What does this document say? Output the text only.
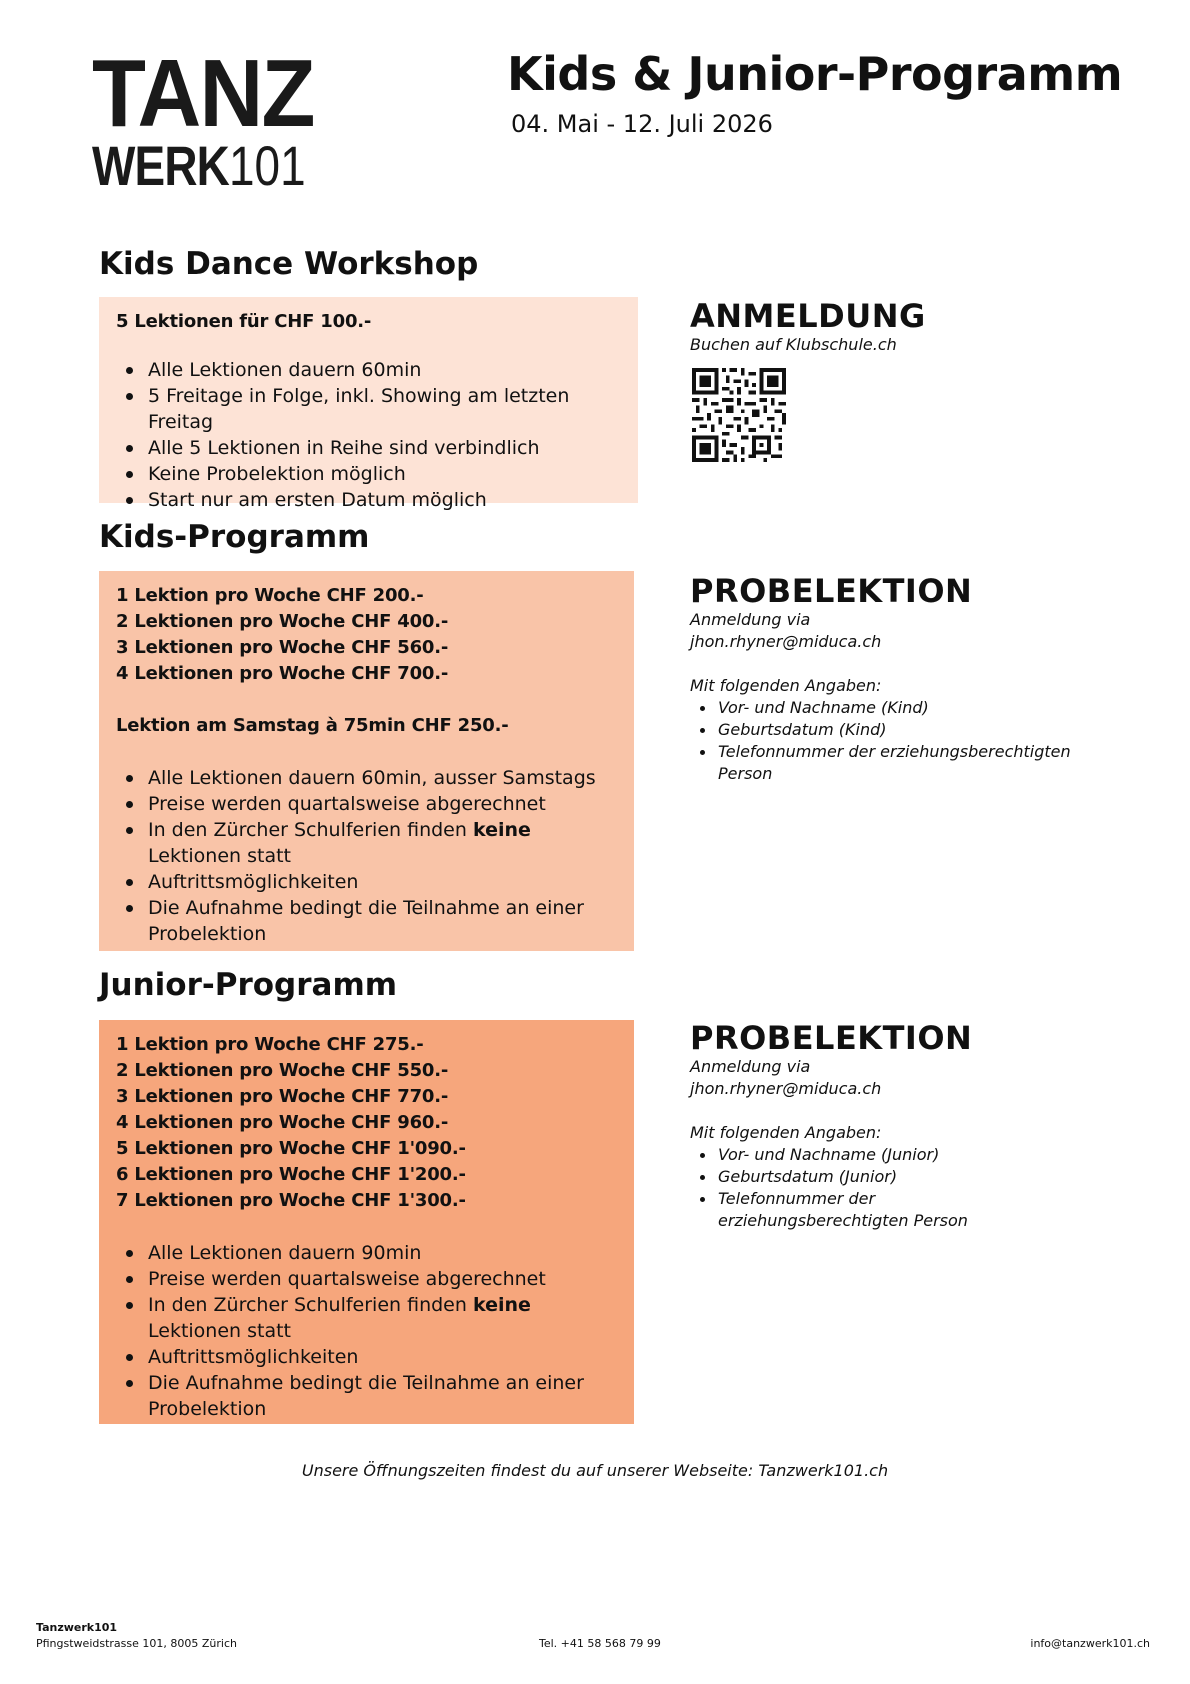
TANZ
WERK101
Kids & Junior-Programm
04. Mai - 12. Juli 2026
Kids Dance Workshop
5 Lektionen für CHF 100.-
Alle Lektionen dauern 60min
5 Freitage in Folge, inkl. Showing am letzten Freitag
Alle 5 Lektionen in Reihe sind verbindlich
Keine Probelektion möglich
Start nur am ersten Datum möglich
ANMELDUNG
Buchen auf Klubschule.ch
Kids-Programm
1 Lektion pro Woche CHF 200.-
2 Lektionen pro Woche CHF 400.-
3 Lektionen pro Woche CHF 560.-
4 Lektionen pro Woche CHF 700.-
Lektion am Samstag à 75min CHF 250.-
Alle Lektionen dauern 60min, ausser Samstags
Preise werden quartalsweise abgerechnet
In den Zürcher Schulferien finden keine Lektionen statt
Auftrittsmöglichkeiten
Die Aufnahme bedingt die Teilnahme an einer Probelektion
PROBELEKTION
Anmeldung via
jhon.rhyner@miduca.ch
Mit folgenden Angaben:
Vor- und Nachname (Kind)
Geburtsdatum (Kind)
Telefonnummer der erziehungsberechtigten Person
Junior-Programm
1 Lektion pro Woche CHF 275.-
2 Lektionen pro Woche CHF 550.-
3 Lektionen pro Woche CHF 770.-
4 Lektionen pro Woche CHF 960.-
5 Lektionen pro Woche CHF 1'090.-
6 Lektionen pro Woche CHF 1'200.-
7 Lektionen pro Woche CHF 1'300.-
Alle Lektionen dauern 90min
Preise werden quartalsweise abgerechnet
In den Zürcher Schulferien finden keine Lektionen statt
Auftrittsmöglichkeiten
Die Aufnahme bedingt die Teilnahme an einer Probelektion
PROBELEKTION
Anmeldung via
jhon.rhyner@miduca.ch
Mit folgenden Angaben:
Vor- und Nachname (Junior)
Geburtsdatum (Junior)
Telefonnummer der erziehungsberechtigten Person
Unsere Öffnungszeiten findest du auf unserer Webseite: Tanzwerk101.ch
Tanzwerk101
Pfingstweidstrasse 101, 8005 Zürich	Tel. +41 58 568 79 99	info@tanzwerk101.ch
